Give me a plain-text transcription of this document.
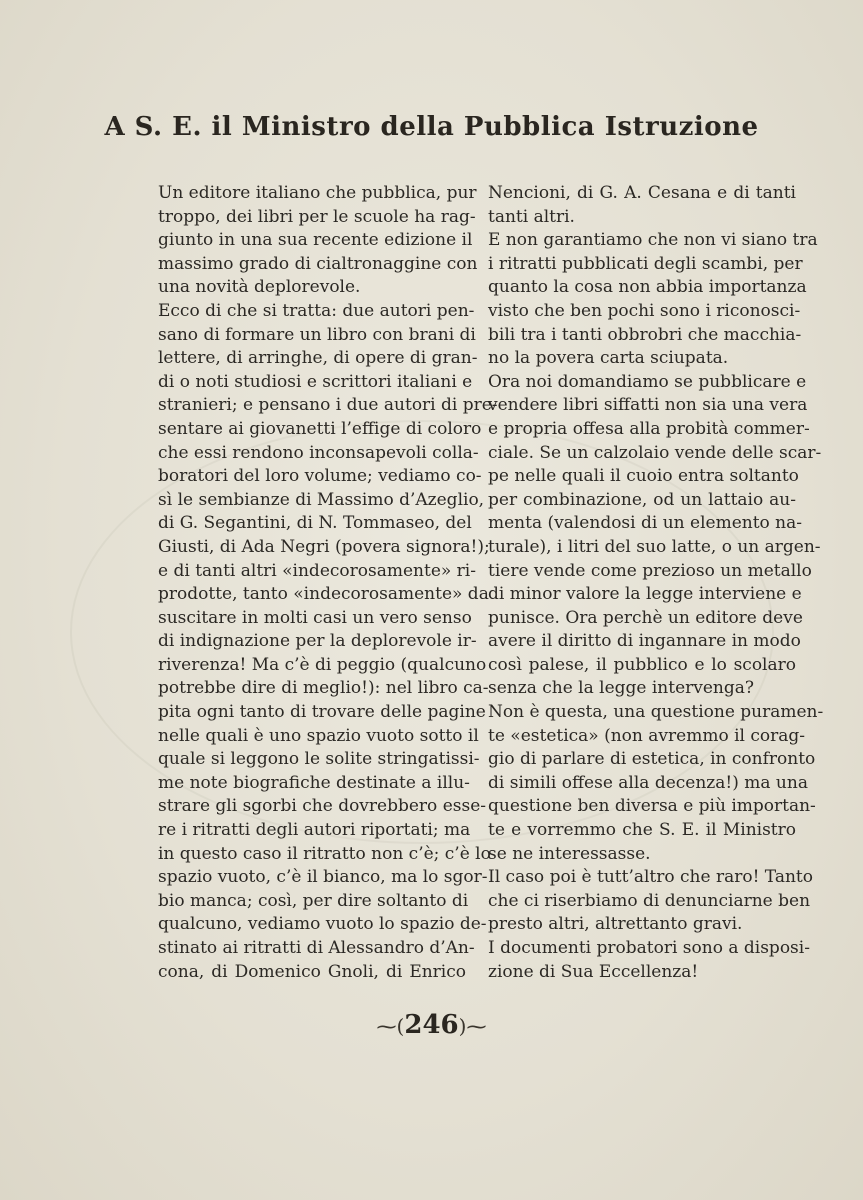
A S. E. il Ministro della Pubblica Istruzione
Un editore italiano che pubblica, pur
troppo, dei libri per le scuole ha rag-
giunto in una sua recente edizione il
massimo grado di cialtronaggine con
una novità deplorevole.
Ecco di che si tratta: due autori pen-
sano di formare un libro con brani di
lettere, di arringhe, di opere di gran-
di o noti studiosi e scrittori italiani e
stranieri; e pensano i due autori di pre-
sentare ai giovanetti l’effige di coloro
che essi rendono inconsapevoli colla-
boratori del loro volume; vediamo co-
sì le sembianze di Massimo d’Azeglio,
di G. Segantini, di N. Tommaseo, del
Giusti, di Ada Negri (povera signora!);
e di tanti altri «indecorosamente» ri-
prodotte, tanto «indecorosamente» da
suscitare in molti casi un vero senso
di indignazione per la deplorevole ir-
riverenza! Ma c’è di peggio (qualcuno
potrebbe dire di meglio!): nel libro ca-
pita ogni tanto di trovare delle pagine
nelle quali è uno spazio vuoto sotto il
quale si leggono le solite stringatissi-
me note biografiche destinate a illu-
strare gli sgorbi che dovrebbero esse-
re i ritratti degli autori riportati; ma
in questo caso il ritratto non c’è; c’è lo
spazio vuoto, c’è il bianco, ma lo sgor-
bio manca; così, per dire soltanto di
qualcuno, vediamo vuoto lo spazio de-
stinato ai ritratti di Alessandro d’An-
cona, di Domenico Gnoli, di Enrico
Nencioni, di G. A. Cesana e di tanti
tanti altri.
E non garantiamo che non vi siano tra
i ritratti pubblicati degli scambi, per
quanto la cosa non abbia importanza
visto che ben pochi sono i riconosci-
bili tra i tanti obbrobri che macchia-
no la povera carta sciupata.
Ora noi domandiamo se pubblicare e
vendere libri siffatti non sia una vera
e propria offesa alla probità commer-
ciale. Se un calzolaio vende delle scar-
pe nelle quali il cuoio entra soltanto
per combinazione, od un lattaio au-
menta (valendosi di un elemento na-
turale), i litri del suo latte, o un argen-
tiere vende come prezioso un metallo
di minor valore la legge interviene e
punisce. Ora perchè un editore deve
avere il diritto di ingannare in modo
così palese, il pubblico e lo scolaro
senza che la legge intervenga?
Non è questa, una questione puramen-
te «estetica» (non avremmo il corag-
gio di parlare di estetica, in confronto
di simili offese alla decenza!) ma una
questione ben diversa e più importan-
te e vorremmo che S. E. il Ministro
se ne interessasse.
Il caso poi è tutt’altro che raro! Tanto
che ci riserbiamo di denunciarne ben
presto altri, altrettanto gravi.
I documenti probatori sono a disposi-
zione di Sua Eccellenza!
⁓(246)⁓
